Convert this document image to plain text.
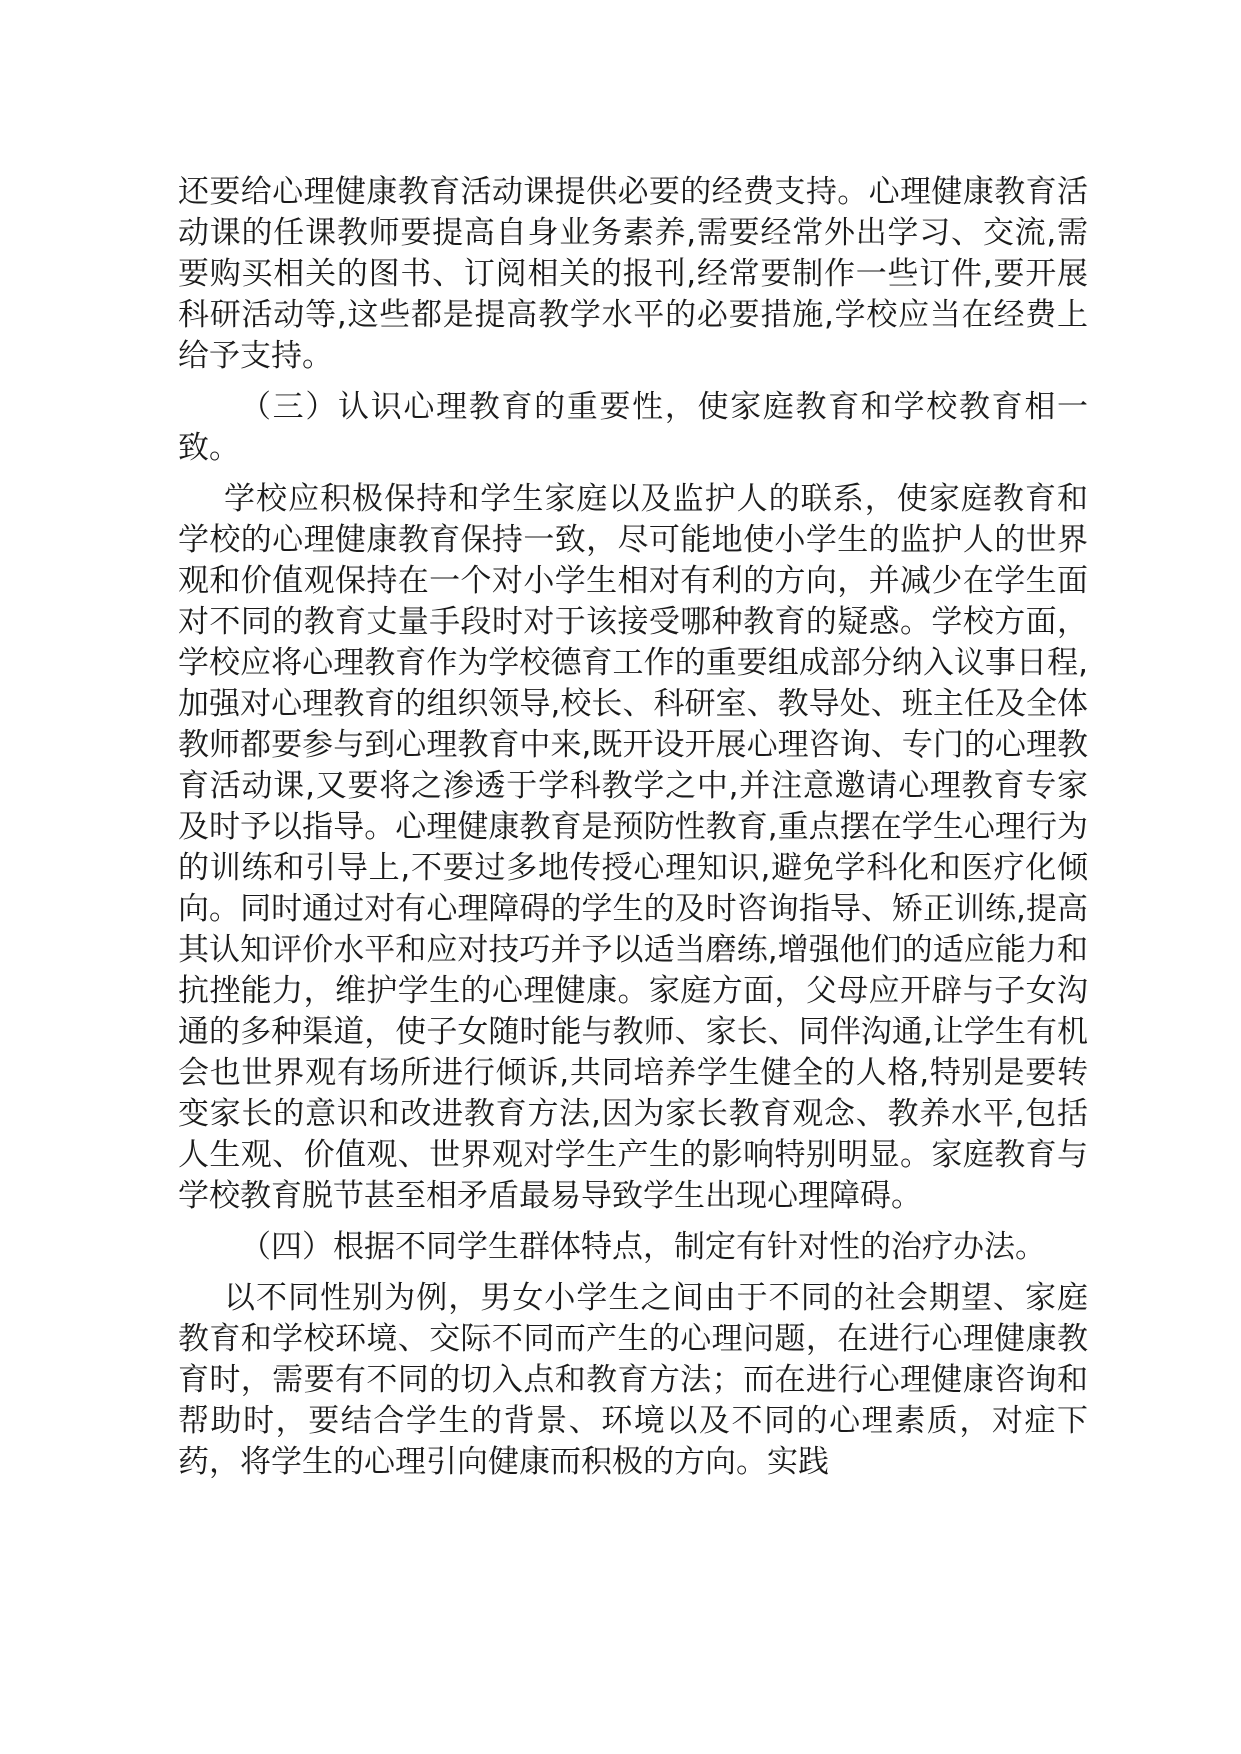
还要给心理健康教育活动课提供必要的经费支持。心理健康教育活动课的任课教师要提高自身业务素养,需要经常外出学习、交流,需要购买相关的图书、订阅相关的报刊,经常要制作一些订件,要开展科研活动等,这些都是提高教学水平的必要措施,学校应当在经费上给予支持。

（三）认识心理教育的重要性，使家庭教育和学校教育相一致。

学校应积极保持和学生家庭以及监护人的联系，使家庭教育和学校的心理健康教育保持一致，尽可能地使小学生的监护人的世界观和价值观保持在一个对小学生相对有利的方向，并减少在学生面对不同的教育丈量手段时对于该接受哪种教育的疑惑。学校方面，学校应将心理教育作为学校德育工作的重要组成部分纳入议事日程,加强对心理教育的组织领导,校长、科研室、教导处、班主任及全体教师都要参与到心理教育中来,既开设开展心理咨询、专门的心理教育活动课,又要将之渗透于学科教学之中,并注意邀请心理教育专家及时予以指导。心理健康教育是预防性教育,重点摆在学生心理行为的训练和引导上,不要过多地传授心理知识,避免学科化和医疗化倾向。同时通过对有心理障碍的学生的及时咨询指导、矫正训练,提高其认知评价水平和应对技巧并予以适当磨练,增强他们的适应能力和抗挫能力，维护学生的心理健康。家庭方面，父母应开辟与子女沟通的多种渠道，使子女随时能与教师、家长、同伴沟通,让学生有机会也世界观有场所进行倾诉,共同培养学生健全的人格,特别是要转变家长的意识和改进教育方法,因为家长教育观念、教养水平,包括人生观、价值观、世界观对学生产生的影响特别明显。家庭教育与学校教育脱节甚至相矛盾最易导致学生出现心理障碍。

（四）根据不同学生群体特点，制定有针对性的治疗办法。

以不同性别为例，男女小学生之间由于不同的社会期望、家庭教育和学校环境、交际不同而产生的心理问题，在进行心理健康教育时，需要有不同的切入点和教育方法；而在进行心理健康咨询和帮助时，要结合学生的背景、环境以及不同的心理素质，对症下药，将学生的心理引向健康而积极的方向。实践
